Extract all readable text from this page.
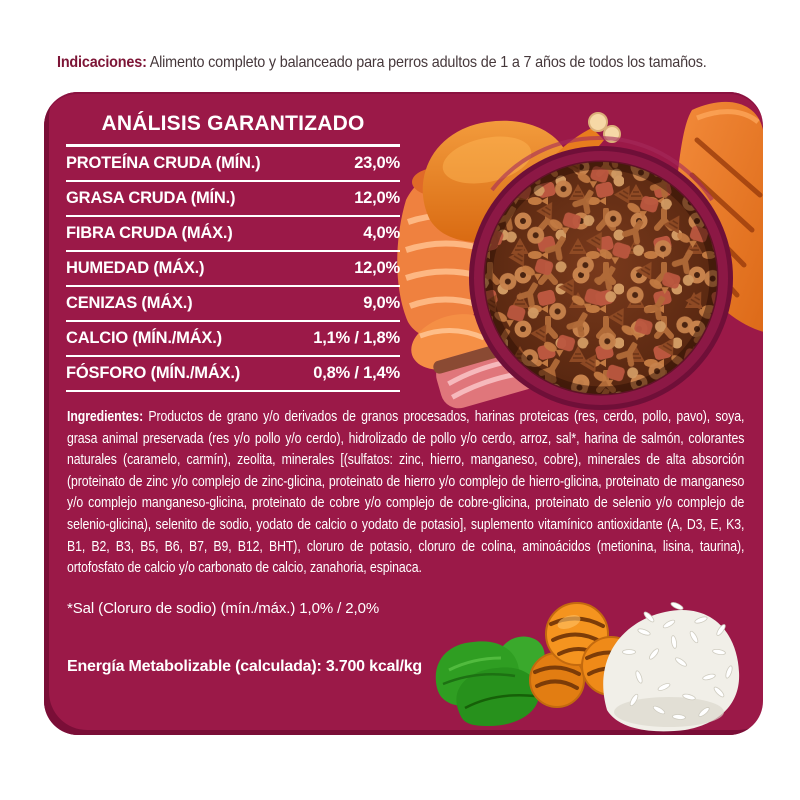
Indicaciones: Alimento completo y balanceado para perros adultos de 1 a 7 años de todos los tamaños.

ANÁLISIS GARANTIZADO
PROTEÍNA CRUDA (MÍN.)	23,0%
GRASA CRUDA (MÍN.)	12,0%
FIBRA CRUDA (MÁX.)	4,0%
HUMEDAD (MÁX.)	12,0%
CENIZAS (MÁX.)	9,0%
CALCIO (MÍN./MÁX.)	1,1% / 1,8%
FÓSFORO (MÍN./MÁX.)	0,8% / 1,4%

Ingredientes: Productos de grano y/o derivados de granos procesados, harinas proteicas (res, cerdo, pollo, pavo), soya, grasa animal preservada (res y/o pollo y/o cerdo), hidrolizado de pollo y/o cerdo, arroz, sal*, harina de salmón, colorantes naturales (caramelo, carmín), zeolita, minerales [(sulfatos: zinc, hierro, manganeso, cobre), minerales de alta absorción (proteinato de zinc y/o complejo de zinc-glicina, proteinato de hierro y/o complejo de hierro-glicina, proteinato de manganeso y/o complejo manganeso-glicina, proteinato de cobre y/o complejo de cobre-glicina, proteinato de selenio y/o complejo de selenio-glicina), selenito de sodio, yodato de calcio o yodato de potasio], suplemento vitamínico antioxidante (A, D3, E, K3, B1, B2, B3, B5, B6, B7, B9, B12, BHT), cloruro de potasio, cloruro de colina, aminoácidos (metionina, lisina, taurina), ortofosfato de calcio y/o carbonato de calcio, zanahoria, espinaca.

*Sal (Cloruro de sodio) (mín./máx.) 1,0% / 2,0%

Energía Metabolizable (calculada): 3.700 kcal/kg
